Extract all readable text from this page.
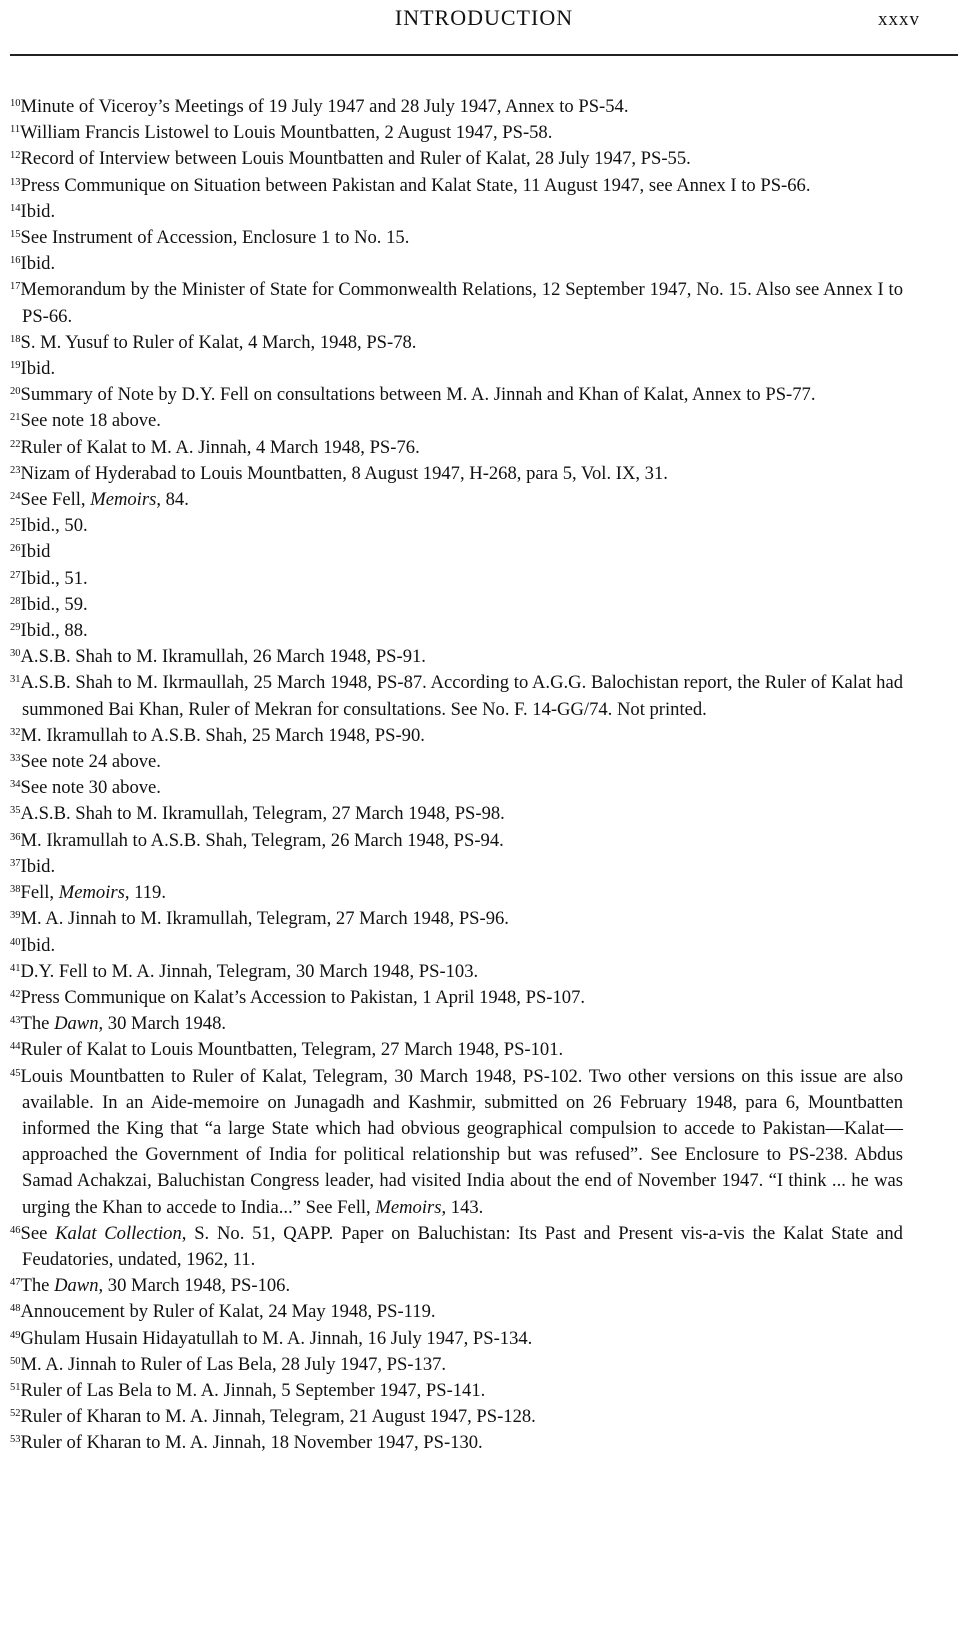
INTRODUCTION	xxxv

$^{10}$Minute of Viceroy’s Meetings of 19 July 1947 and 28 July 1947, Annex to PS-54.

$^{11}$William Francis Listowel to Louis Mountbatten, 2 August 1947, PS-58.

$^{12}$Record of Interview between Louis Mountbatten and Ruler of Kalat, 28 July 1947, PS-55.

$^{13}$Press Communique on Situation between Pakistan and Kalat State, 11 August 1947, see Annex I to PS-66.

$^{14}$Ibid.

$^{15}$See Instrument of Accession, Enclosure 1 to No. 15.

$^{16}$Ibid.

$^{17}$Memorandum by the Minister of State for Commonwealth Relations, 12 September 1947, No. 15. Also see Annex I to PS-66.

$^{18}$S. M. Yusuf to Ruler of Kalat, 4 March, 1948, PS-78.

$^{19}$Ibid.

$^{20}$Summary of Note by D.Y. Fell on consultations between M. A. Jinnah and Khan of Kalat, Annex to PS-77.

$^{21}$See note 18 above.

$^{22}$Ruler of Kalat to M. A. Jinnah, 4 March 1948, PS-76.

$^{23}$Nizam of Hyderabad to Louis Mountbatten, 8 August 1947, H-268, para 5, Vol. IX, 31.

$^{24}$See Fell, Memoirs, 84.

$^{25}$Ibid., 50.

$^{26}$Ibid

$^{27}$Ibid., 51.

$^{28}$Ibid., 59.

$^{29}$Ibid., 88.

$^{30}$A.S.B. Shah to M. Ikramullah, 26 March 1948, PS-91.

$^{31}$A.S.B. Shah to M. Ikrmaullah, 25 March 1948, PS-87. According to A.G.G. Balochistan report, the Ruler of Kalat had summoned Bai Khan, Ruler of Mekran for consultations. See No. F. 14-GG/74. Not printed.

$^{32}$M. Ikramullah to A.S.B. Shah, 25 March 1948, PS-90.

$^{33}$See note 24 above.

$^{34}$See note 30 above.

$^{35}$A.S.B. Shah to M. Ikramullah, Telegram, 27 March 1948, PS-98.

$^{36}$M. Ikramullah to A.S.B. Shah, Telegram, 26 March 1948, PS-94.

$^{37}$Ibid.

$^{38}$Fell, Memoirs, 119.

$^{39}$M. A. Jinnah to M. Ikramullah, Telegram, 27 March 1948, PS-96.

$^{40}$Ibid.

$^{41}$D.Y. Fell to M. A. Jinnah, Telegram, 30 March 1948, PS-103.

$^{42}$Press Communique on Kalat’s Accession to Pakistan, 1 April 1948, PS-107.

$^{43}$The Dawn, 30 March 1948.

$^{44}$Ruler of Kalat to Louis Mountbatten, Telegram, 27 March 1948, PS-101.

$^{45}$Louis Mountbatten to Ruler of Kalat, Telegram, 30 March 1948, PS-102. Two other versions on this issue are also available. In an Aide-memoire on Junagadh and Kashmir, submitted on 26 February 1948, para 6, Mountbatten informed the King that “a large State which had obvious geographical compulsion to accede to Pakistan—Kalat—approached the Government of India for political relationship but was refused”. See Enclosure to PS-238. Abdus Samad Achakzai, Baluchistan Congress leader, had visited India about the end of November 1947. “I think ... he was urging the Khan to accede to India...” See Fell, Memoirs, 143.

$^{46}$See Kalat Collection, S. No. 51, QAPP. Paper on Baluchistan: Its Past and Present vis-a-vis the Kalat State and Feudatories, undated, 1962, 11.

$^{47}$The Dawn, 30 March 1948, PS-106.

$^{48}$Annoucement by Ruler of Kalat, 24 May 1948, PS-119.

$^{49}$Ghulam Husain Hidayatullah to M. A. Jinnah, 16 July 1947, PS-134.

$^{50}$M. A. Jinnah to Ruler of Las Bela, 28 July 1947, PS-137.

$^{51}$Ruler of Las Bela to M. A. Jinnah, 5 September 1947, PS-141.

$^{52}$Ruler of Kharan to M. A. Jinnah, Telegram, 21 August 1947, PS-128.

$^{53}$Ruler of Kharan to M. A. Jinnah, 18 November 1947, PS-130.
